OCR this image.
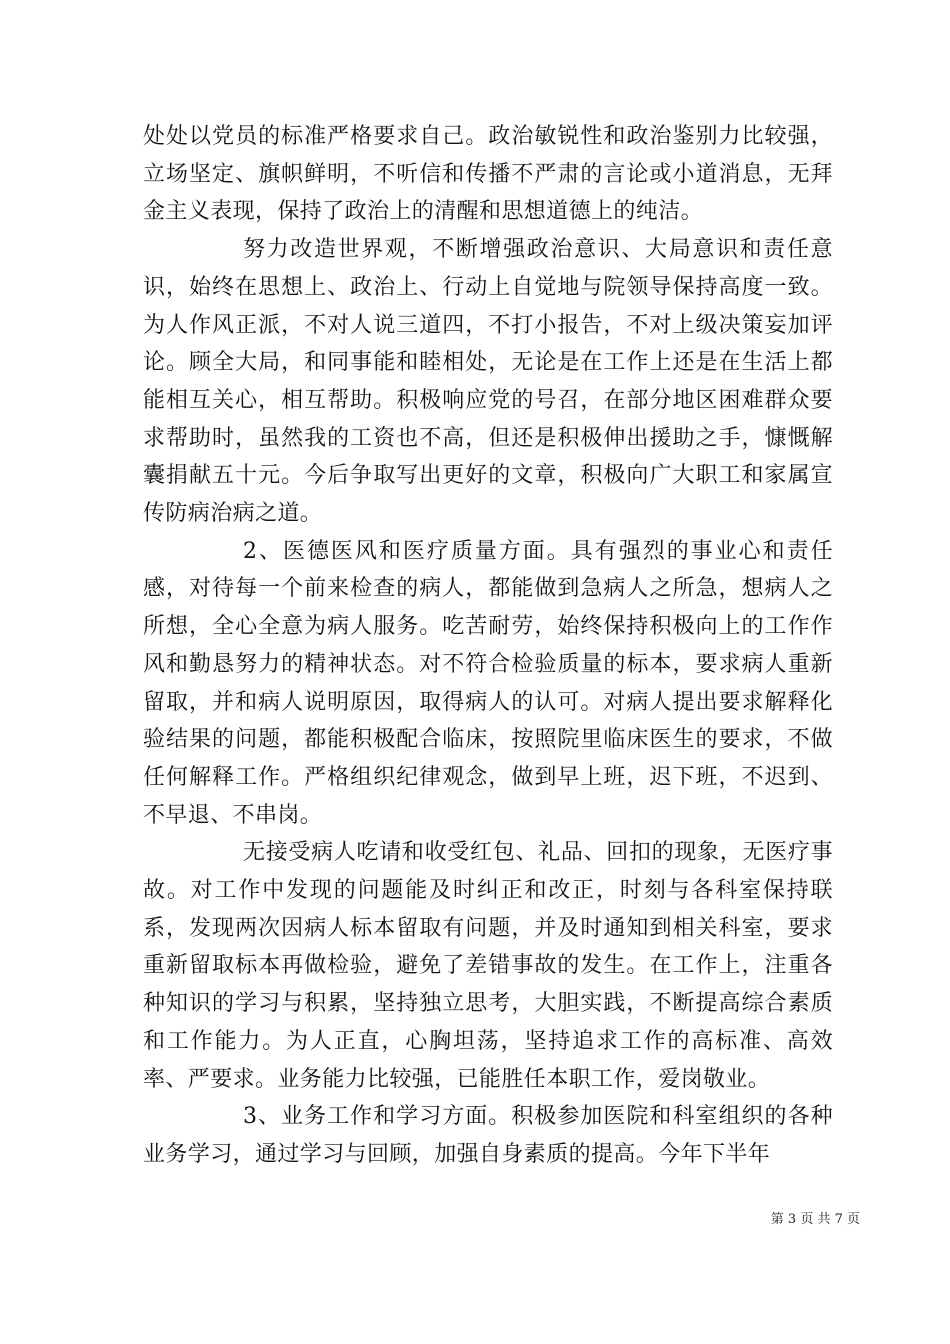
处处以党员的标准严格要求自己。政治敏锐性和政治鉴别力比较强，立场坚定、旗帜鲜明，不听信和传播不严肃的言论或小道消息，无拜金主义表现，保持了政治上的清醒和思想道德上的纯洁。

努力改造世界观，不断增强政治意识、大局意识和责任意识，始终在思想上、政治上、行动上自觉地与院领导保持高度一致。为人作风正派，不对人说三道四，不打小报告，不对上级决策妄加评论。顾全大局，和同事能和睦相处，无论是在工作上还是在生活上都能相互关心，相互帮助。积极响应党的号召，在部分地区困难群众要求帮助时，虽然我的工资也不高，但还是积极伸出援助之手，慷慨解囊捐献五十元。今后争取写出更好的文章，积极向广大职工和家属宣传防病治病之道。

2、医德医风和医疗质量方面。具有强烈的事业心和责任感，对待每一个前来检查的病人，都能做到急病人之所急，想病人之所想，全心全意为病人服务。吃苦耐劳，始终保持积极向上的工作作风和勤恳努力的精神状态。对不符合检验质量的标本，要求病人重新留取，并和病人说明原因，取得病人的认可。对病人提出要求解释化验结果的问题，都能积极配合临床，按照院里临床医生的要求，不做任何解释工作。严格组织纪律观念，做到早上班，迟下班，不迟到、不早退、不串岗。

无接受病人吃请和收受红包、礼品、回扣的现象，无医疗事故。对工作中发现的问题能及时纠正和改正，时刻与各科室保持联系，发现两次因病人标本留取有问题，并及时通知到相关科室，要求重新留取标本再做检验，避免了差错事故的发生。在工作上，注重各种知识的学习与积累，坚持独立思考，大胆实践，不断提高综合素质和工作能力。为人正直，心胸坦荡，坚持追求工作的高标准、高效率、严要求。业务能力比较强，已能胜任本职工作，爱岗敬业。

3、业务工作和学习方面。积极参加医院和科室组织的各种业务学习，通过学习与回顾，加强自身素质的提高。今年下半年

第 3 页 共 7 页
